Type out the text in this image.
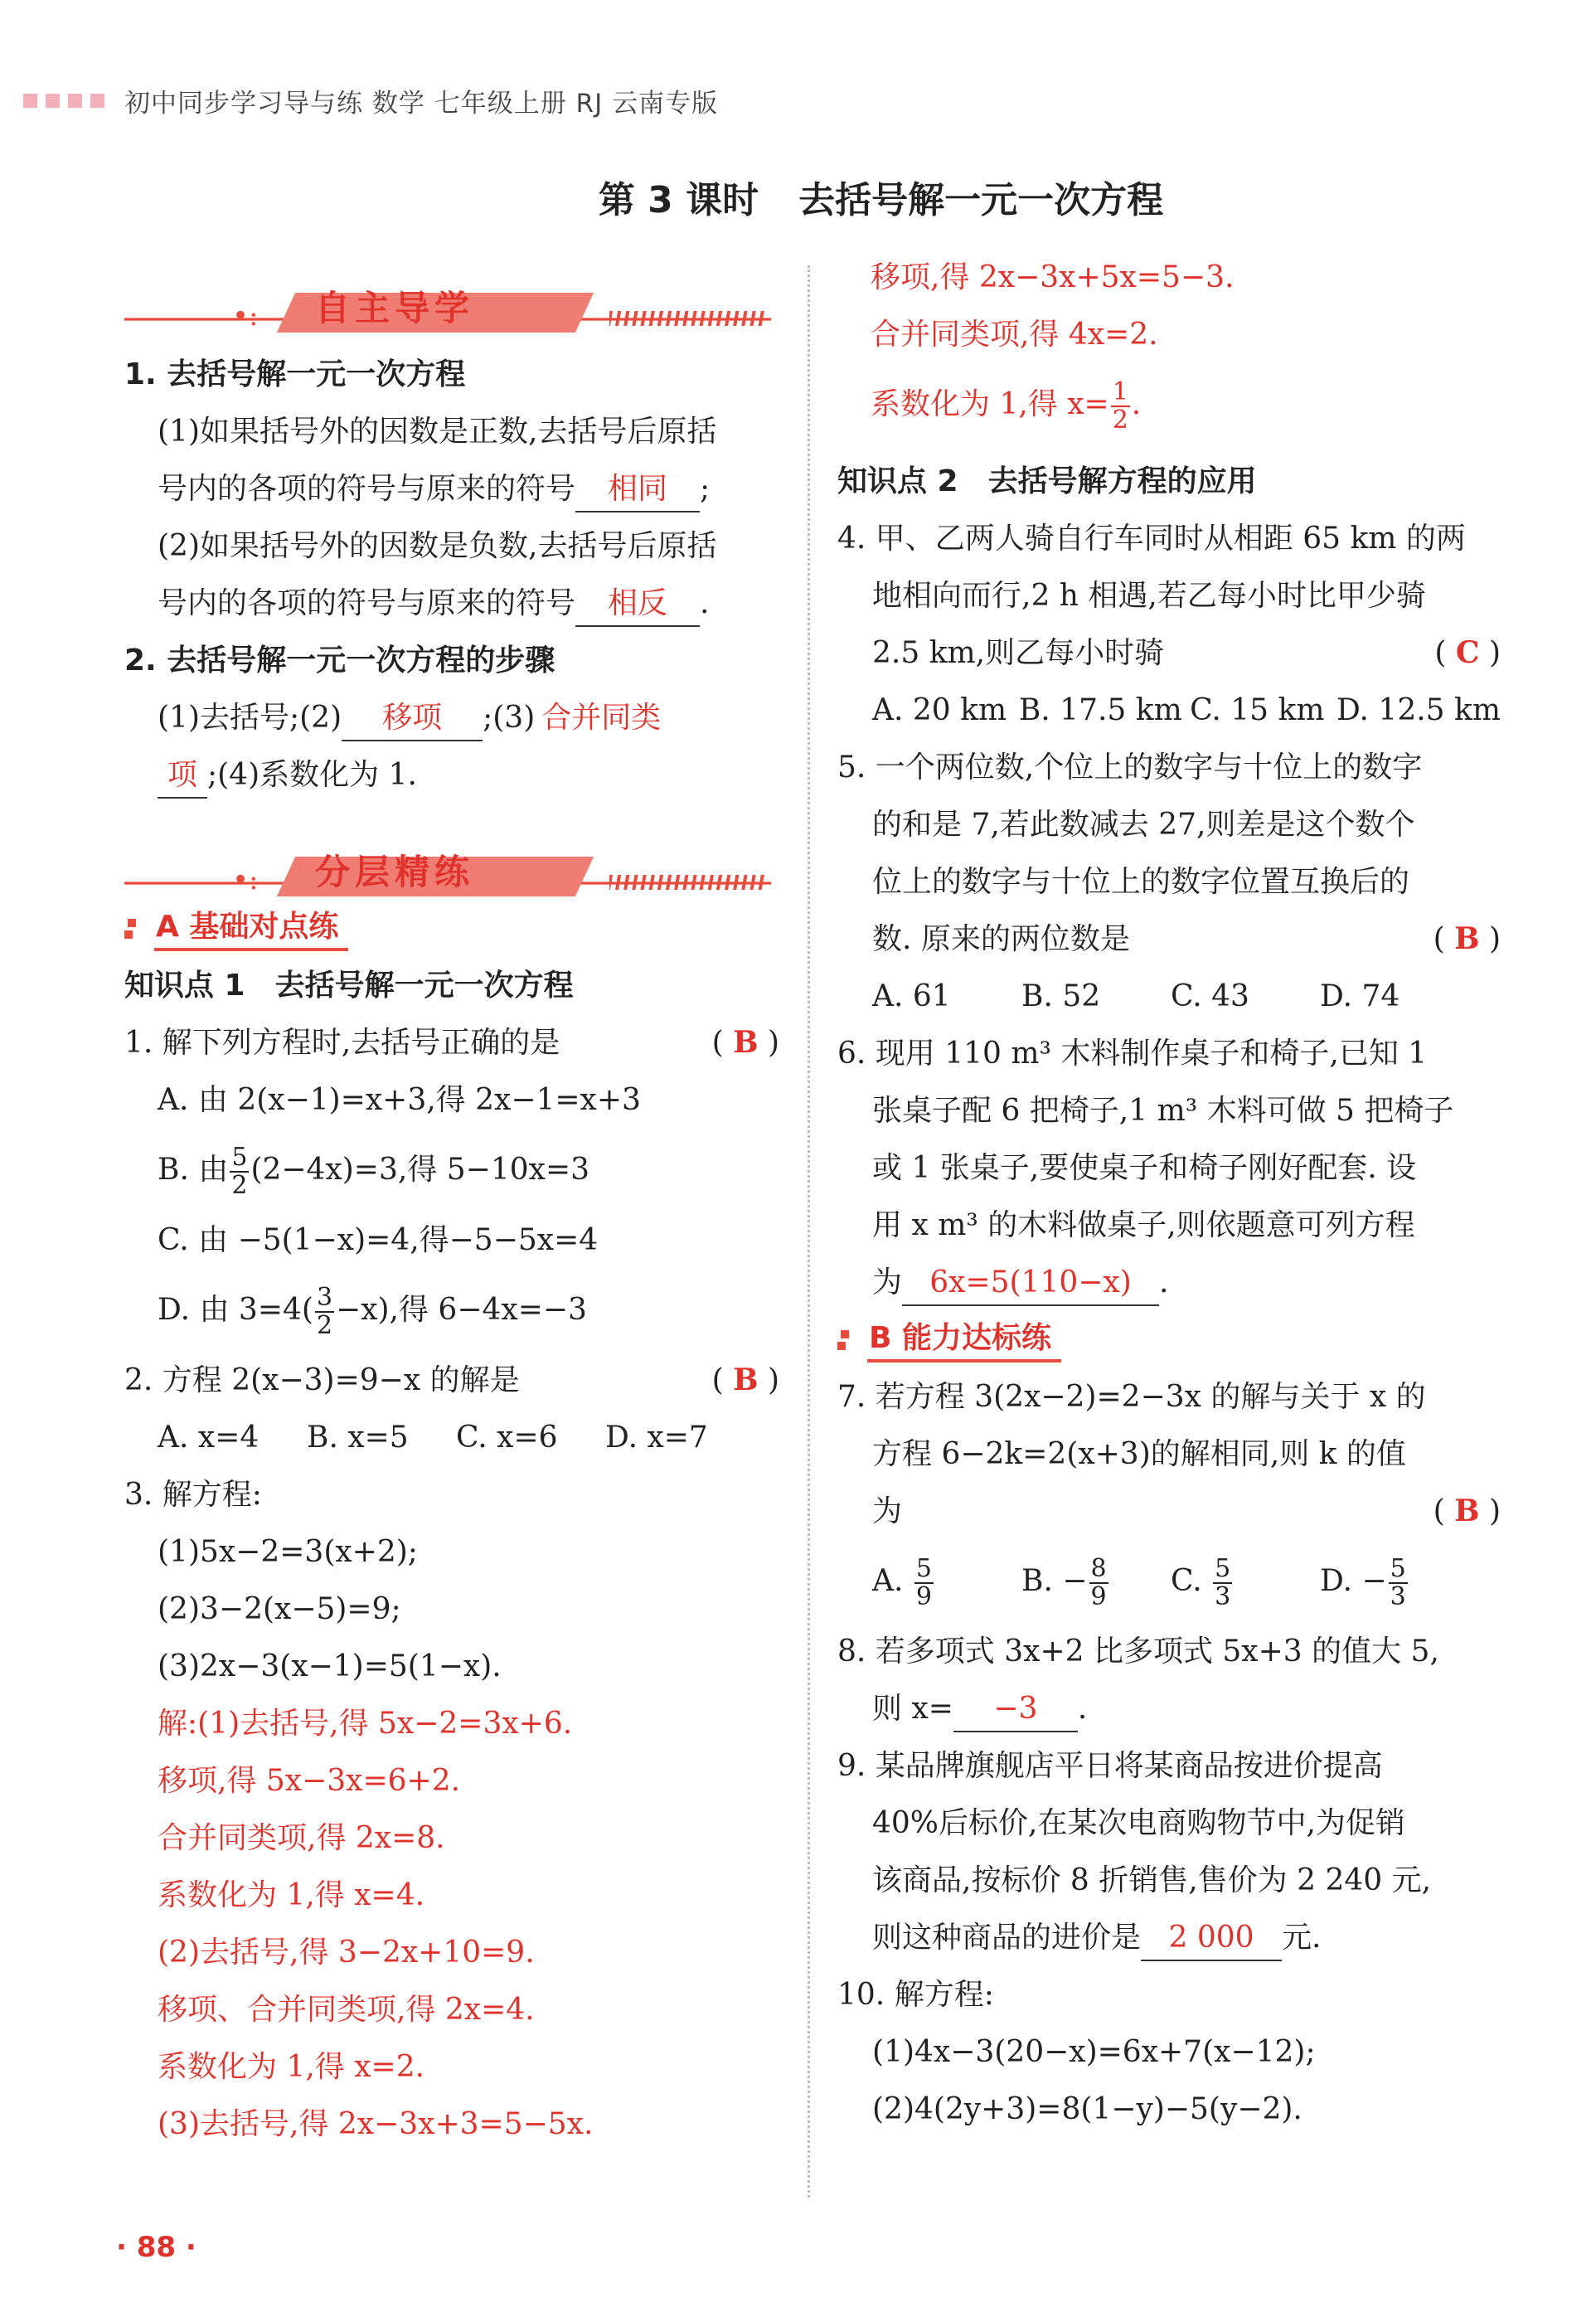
初中同步学习导与练 数学 七年级上册 RJ 云南专版
第 3 课时 去括号解一元一次方程
•: 自主导学

1. 去括号解一元一次方程

(1)如果括号外的因数是正数,去括号后原括

号内的各项的符号与原来的符号 相同 ;

(2)如果括号外的因数是负数,去括号后原括

号内的各项的符号与原来的符号 相反 .

2. 去括号解一元一次方程的步骤

(1)去括号;(2) 移项 ;(3) 合并同类

项 ;(4)系数化为 1.

•: 分层精练
A 基础对点练

知识点 1　去括号解一元一次方程

1. 解下列方程时,去括号正确的是	( B )

A. 由 2(x−1)=x+3,得 2x−1=x+3

B. 由 $\frac{5}{2} (2-4x)=3$,得 5−10x=3

C. 由 −5(1−x)=4,得−5−5x=4

D. 由 $3=4( \frac{3}{2} -x)$,得 6−4x=−3

2. 方程 2(x−3)=9−x 的解是	( B )

A. x=4	B. x=5	C. x=6	D. x=7

3. 解方程:

(1)5x−2=3(x+2);

(2)3−2(x−5)=9;

(3)2x−3(x−1)=5(1−x).

解:(1)去括号,得 5x−2=3x+6.

移项,得 5x−3x=6+2.

合并同类项,得 2x=8.

系数化为 1,得 x=4.

(2)去括号,得 3−2x+10=9.

移项、合并同类项,得 2x=4.

系数化为 1,得 x=2.

(3)去括号,得 2x−3x+3=5−5x.

移项,得 2x−3x+5x=5−3.

合并同类项,得 4x=2.

系数化为 1,得 $x= \frac{1}{2}$ .

知识点 2　去括号解方程的应用

4. 甲、乙两人骑自行车同时从相距 65 km 的两

地相向而行,2 h 相遇,若乙每小时比甲少骑

2.5 km,则乙每小时骑	( C )

A. 20 km B. 17.5 km C. 15 km D. 12.5 km

5. 一个两位数,个位上的数字与十位上的数字

的和是 7,若此数减去 27,则差是这个数个

位上的数字与十位上的数字位置互换后的

数. 原来的两位数是	( B )

A. 61	B. 52	C. 43	D. 74

6. 现用 110 m³ 木料制作桌子和椅子,已知 1

张桌子配 6 把椅子,1 m³ 木料可做 5 把椅子

或 1 张桌子,要使桌子和椅子刚好配套. 设

用 x m³ 的木料做桌子,则依题意可列方程

为 6x=5(110−x) .

B 能力达标练

7. 若方程 3(2x−2)=2−3x 的解与关于 x 的

方程 6−2k=2(x+3)的解相同,则 k 的值

为	( B )

A. $\frac{5}{9}$	B. − $\frac{8}{9} C$. $\frac{5}{3}$	D. − $\frac{5}{3}$

8. 若多项式 3x+2 比多项式 5x+3 的值大 5,

则 x= −3 .

9. 某品牌旗舰店平日将某商品按进价提高

40%后标价,在某次电商购物节中,为促销

该商品,按标价 8 折销售,售价为 2 240 元,

则这种商品的进价是 2 000 元.

10. 解方程:

(1)4x−3(20−x)=6x+7(x−12);

(2)4(2y+3)=8(1−y)−5(y−2).

· 88 ·
